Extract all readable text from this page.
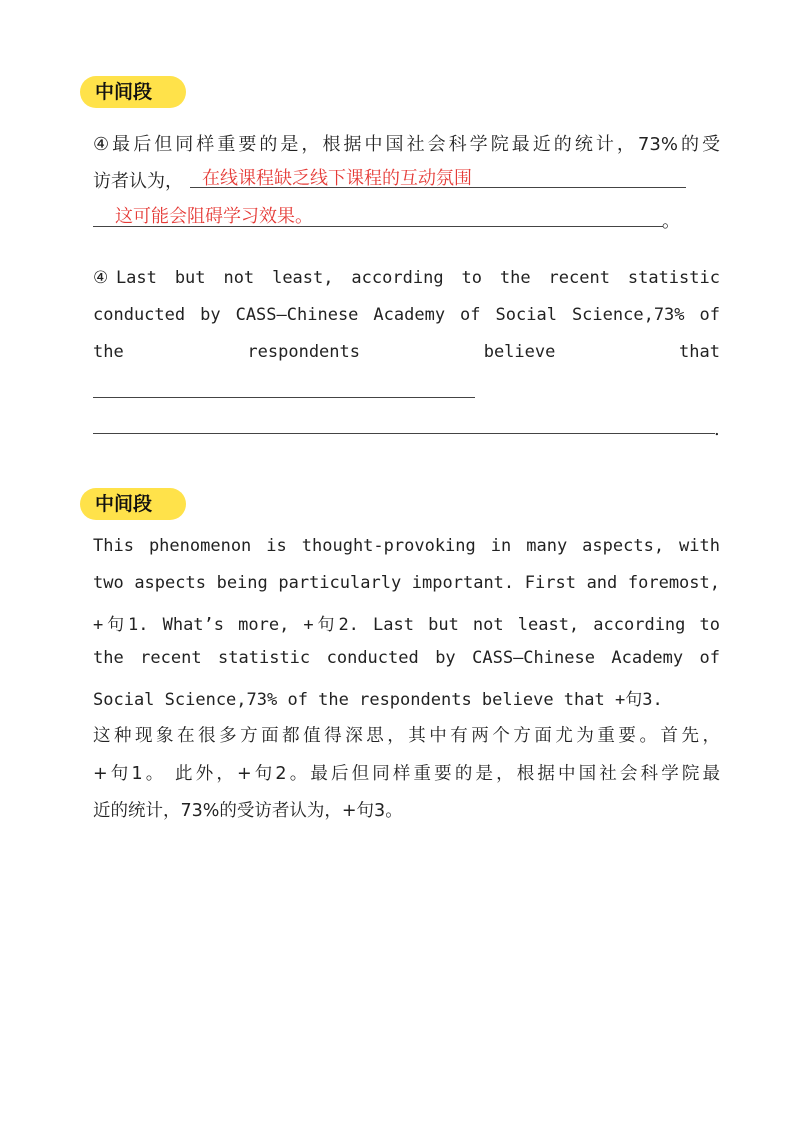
中间段
④最后但同样重要的是，根据中国社会科学院最近的统计，73%的受
访者认为， 在线课程缺乏线下课程的互动氛围
这可能会阻碍学习效果。	。
④Last but not least, according to the recent statistic
conducted by CASS—Chinese Academy of Social Science,73% of
the respondents believe that
.
中间段
This phenomenon is thought-provoking in many aspects, with
two aspects being particularly important. First and foremost,
+句1. What’s more, +句2. Last but not least, according to
the recent statistic conducted by CASS—Chinese Academy of
Social Science,73% of the respondents believe that +句3.
这种现象在很多方面都值得深思，其中有两个方面尤为重要。首先，
+句1。 此外，+句2。最后但同样重要的是，根据中国社会科学院最
近的统计，73%的受访者认为，+句3。
